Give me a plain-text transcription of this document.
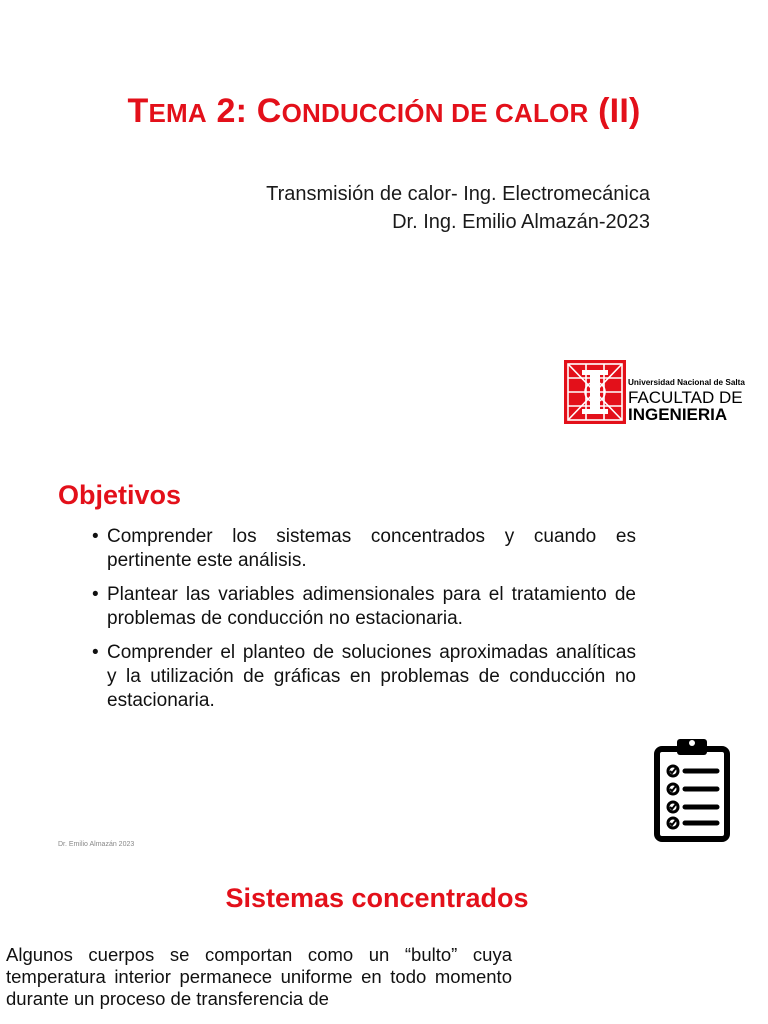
TEMA 2: CONDUCCIÓN DE CALOR (II)
Transmisión de calor- Ing. Electromecánica
Dr. Ing. Emilio Almazán-2023
Universidad Nacional de Salta
FACULTAD DE
INGENIERIA
Objetivos
• Comprender los sistemas concentrados y cuando es pertinente este análisis.
• Plantear las variables adimensionales para el tratamiento de problemas de conducción no estacionaria.
• Comprender el planteo de soluciones aproximadas analíticas y la utilización de gráficas en problemas de conducción no estacionaria.
Dr. Emilio Almazán 2023
Sistemas concentrados

Algunos cuerpos se comportan como un “bulto” cuya temperatura interior permanece uniforme en todo momento durante un proceso de transferencia de
